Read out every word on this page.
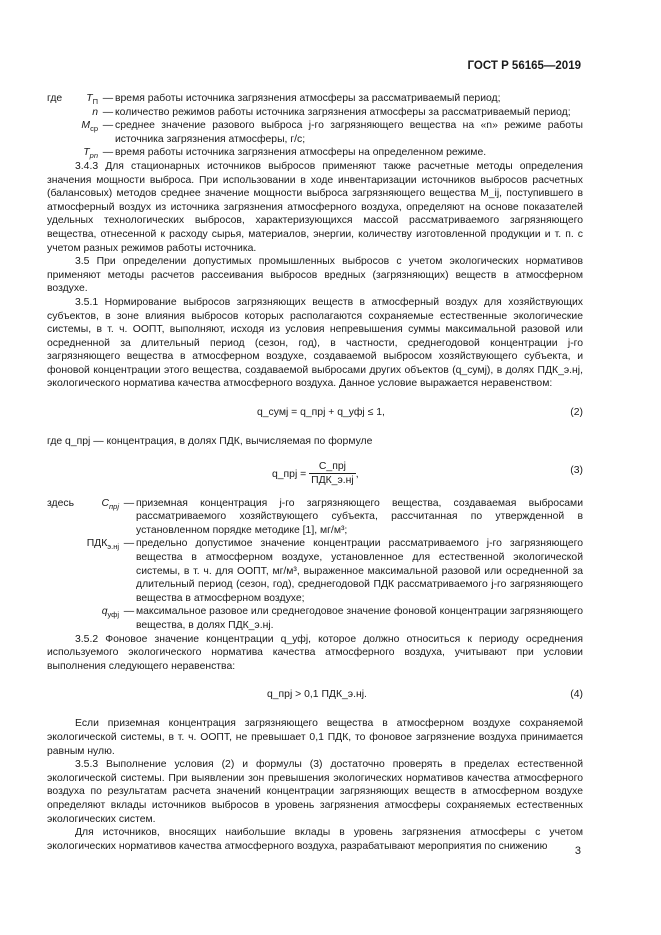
ГОСТ Р 56165—2019
где $T_П$	—	время работы источника загрязнения атмосферы за рассматриваемый период;
n	—	количество режимов работы источника загрязнения атмосферы за рассматриваемый период;
$M_{ср}$	—	среднее значение разового выброса j-го загрязняющего вещества на «n» режиме работы источника загрязнения атмосферы, г/с;
$T_{pn}$	—	время работы источника загрязнения атмосферы на определенном режиме.

3.4.3 Для стационарных источников выбросов применяют также расчетные методы определения значения мощности выброса. При использовании в ходе инвентаризации источников выбросов расчетных (балансовых) методов среднее значение мощности выброса загрязняющего вещества M_ij, поступившего в атмосферный воздух из источника загрязнения атмосферного воздуха, определяют на основе показателей удельных технологических выбросов, характеризующихся массой рассматриваемого загрязняющего вещества, отнесенной к расходу сырья, материалов, энергии, количеству изготовленной продукции и т. п. с учетом разных режимов работы источника.

3.5 При определении допустимых промышленных выбросов с учетом экологических нормативов применяют методы расчетов рассеивания выбросов вредных (загрязняющих) веществ в атмосферном воздухе.

3.5.1 Нормирование выбросов загрязняющих веществ в атмосферный воздух для хозяйствующих субъектов, в зоне влияния выбросов которых располагаются сохраняемые естественные экологические системы, в т. ч. ООПТ, выполняют, исходя из условия непревышения суммы максимальной разовой или осредненной за длительный период (сезон, год), в частности, среднегодовой концентрации j-го загрязняющего вещества в атмосферном воздухе, создаваемой выбросом хозяйствующего субъекта, и фоновой концентрации этого вещества, создаваемой выбросами других объектов (q_сумj), в долях ПДК_э.нj, экологического норматива качества атмосферного воздуха. Данное условие выражается неравенством:

q_сумj = q_прj + q_уфj ≤ 1,	(2)

где q_прj — концентрация, в долях ПДК, вычисляемая по формуле

q_прj = $\frac{\text{C\_прj}}{\text{ПДК\_э.нj}}$ ,	(3)
здесь $C_{прj}$	—	приземная концентрация j-го загрязняющего вещества, создаваемая выбросами рассматриваемого хозяйствующего субъекта, рассчитанная по утвержденной в установленном порядке методике [1], мг/м³;
$ПДК_{э.нj}$	—	предельно допустимое значение концентрации рассматриваемого j-го загрязняющего вещества в атмосферном воздухе, установленное для естественной экологической системы, в т. ч. для ООПТ, мг/м³, выраженное максимальной разовой или осредненной за длительный период (сезон, год), среднегодовой ПДК рассматриваемого j-го загрязняющего вещества в атмосферном воздухе;
$q_{уфj}$	—	максимальное разовое или среднегодовое значение фоновой концентрации загрязняющего вещества, в долях ПДК_э.нj.

3.5.2 Фоновое значение концентрации q_уфj, которое должно относиться к периоду осреднения используемого экологического норматива качества атмосферного воздуха, учитывают при условии выполнения следующего неравенства:

q_прj > 0,1 ПДК_э.нj.	(4)

Если приземная концентрация загрязняющего вещества в атмосферном воздухе сохраняемой экологической системы, в т. ч. ООПТ, не превышает 0,1 ПДК, то фоновое загрязнение воздуха принимается равным нулю.

3.5.3 Выполнение условия (2) и формулы (3) достаточно проверять в пределах естественной экологической системы. При выявлении зон превышения экологических нормативов качества атмосферного воздуха по результатам расчета значений концентрации загрязняющих веществ в атмосферном воздухе определяют вклады источников выбросов в уровень загрязнения атмосферы сохраняемых естественных экологических систем.

Для источников, вносящих наибольшие вклады в уровень загрязнения атмосферы с учетом экологических нормативов качества атмосферного воздуха, разрабатывают мероприятия по снижению	3
